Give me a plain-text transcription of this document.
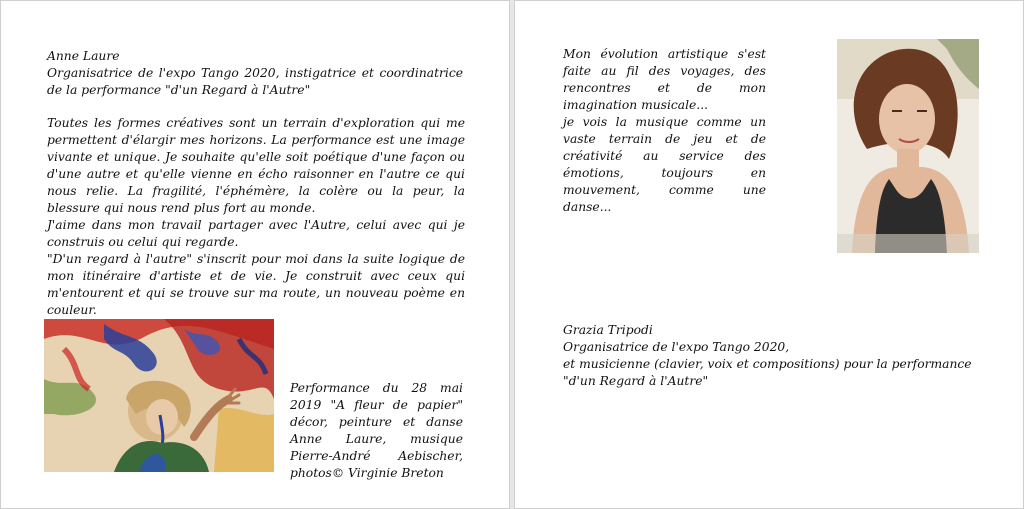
Anne Laure

Organisatrice de l'expo Tango 2020, instigatrice et coordinatrice de la performance "d'un Regard à l'Autre"

Toutes les formes créatives sont un terrain d'exploration qui me permettent d'élargir mes horizons. La performance est une image vivante et unique. Je souhaite qu'elle soit poétique d'une façon ou d'une autre et qu'elle vienne en écho raisonner en l'autre ce qui nous relie. La fragilité, l'éphémère, la colère ou la peur, la blessure qui nous rend plus fort au monde.

J'aime dans mon travail partager avec l'Autre, celui avec qui je construis ou celui qui regarde.

"D'un regard à l'autre" s'inscrit pour moi dans la suite logique de mon itinéraire d'artiste et de vie. Je construit avec ceux qui m'entourent et qui se trouve sur ma route, un nouveau poème en couleur.

Performance du 28 mai 2019 "A fleur de papier" décor, peinture et danse Anne Laure, musique Pierre-André Aebischer, photos© Virginie Breton

Mon évolution artistique s'est faite au fil des voyages, des rencontres et de mon imagination musicale...

je vois la musique comme un vaste terrain de jeu et de créativité au service des émotions, toujours en mouvement, comme une danse...

Grazia Tripodi

Organisatrice de l'expo Tango 2020,

et musicienne (clavier, voix et compositions) pour la performance "d'un Regard à l'Autre"
